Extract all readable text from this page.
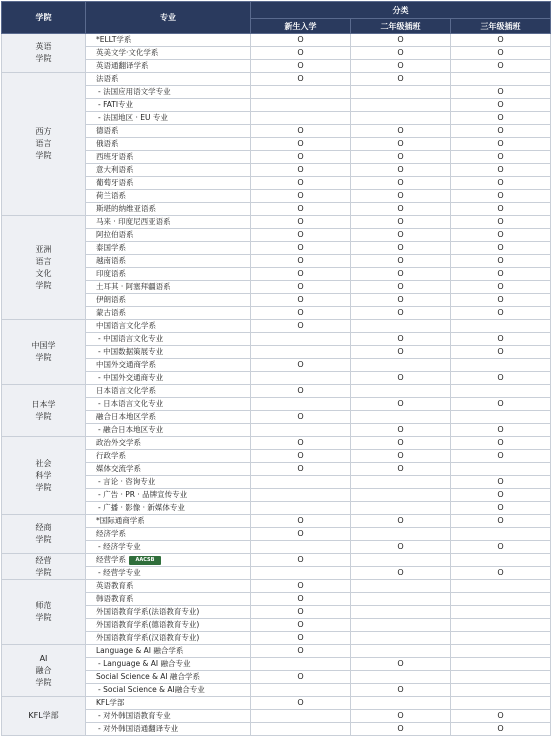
学院	专业	分类		
		新生入学	二年级插班	三年级插班

英语
学院	*ELLT学系	O	O	O
	英美文学·文化学系	O	O	O
	英语通翻译学系	O	O	O

西方
语言
学院	法语系	O	O	
	- 法国应用语文学专业			O
	- FATI专业			O
	- 法国地区 · EU 专业			O
	德语系	O	O	O
	俄语系	O	O	O
	西班牙语系	O	O	O
	意大利语系	O	O	O
	葡萄牙语系	O	O	O
	荷兰语系	O	O	O
	斯堪的纳维亚语系	O	O	O

亚洲
语言
文化
学院	马来 · 印度尼西亚语系	O	O	O
	阿拉伯语系	O	O	O
	泰国学系	O	O	O
	越南语系	O	O	O
	印度语系	O	O	O
	土耳其 · 阿塞拜疆语系	O	O	O
	伊朗语系	O	O	O
	蒙古语系	O	O	O

中国学
学院	中国语言文化学系	O		
	- 中国语言文化专业		O	O
	- 中国数据策展专业		O	O
	中国外交通商学系	O		
	- 中国外交通商专业		O	O

日本学
学院	日本语言文化学系	O		
	- 日本语言文化专业		O	O
	融合日本地区学系	O		
	- 融合日本地区专业		O	O

社会
科学
学院	政治外交学系	O	O	O
	行政学系	O	O	O
	媒体交流学系	O	O	
	- 言论 · 咨询专业			O
	- 广告 · PR · 品牌宣传专业			O
	- 广播 · 影像 · 新媒体专业			O

经商
学院	*国际通商学系	O	O	O
	经济学系	O		
	- 经济学专业		O	O

经营
学院	经营学系 AACSB	O		
	- 经营学专业		O	O

师范
学院	英语教育系	O		
	韩语教育系	O		
	外国语教育学系(法语教育专业)	O		
	外国语教育学系(德语教育专业)	O		
	外国语教育学系(汉语教育专业)	O		

AI
融合
学院	Language & AI 融合学系	O		
	- Language & AI 融合专业		O	
	Social Science & AI 融合学系	O		
	- Social Science & AI融合专业		O	

KFL学部	KFL学部	O		
	- 对外韩国语教育专业		O	O
	- 对外韩国语通翻译专业		O	O
